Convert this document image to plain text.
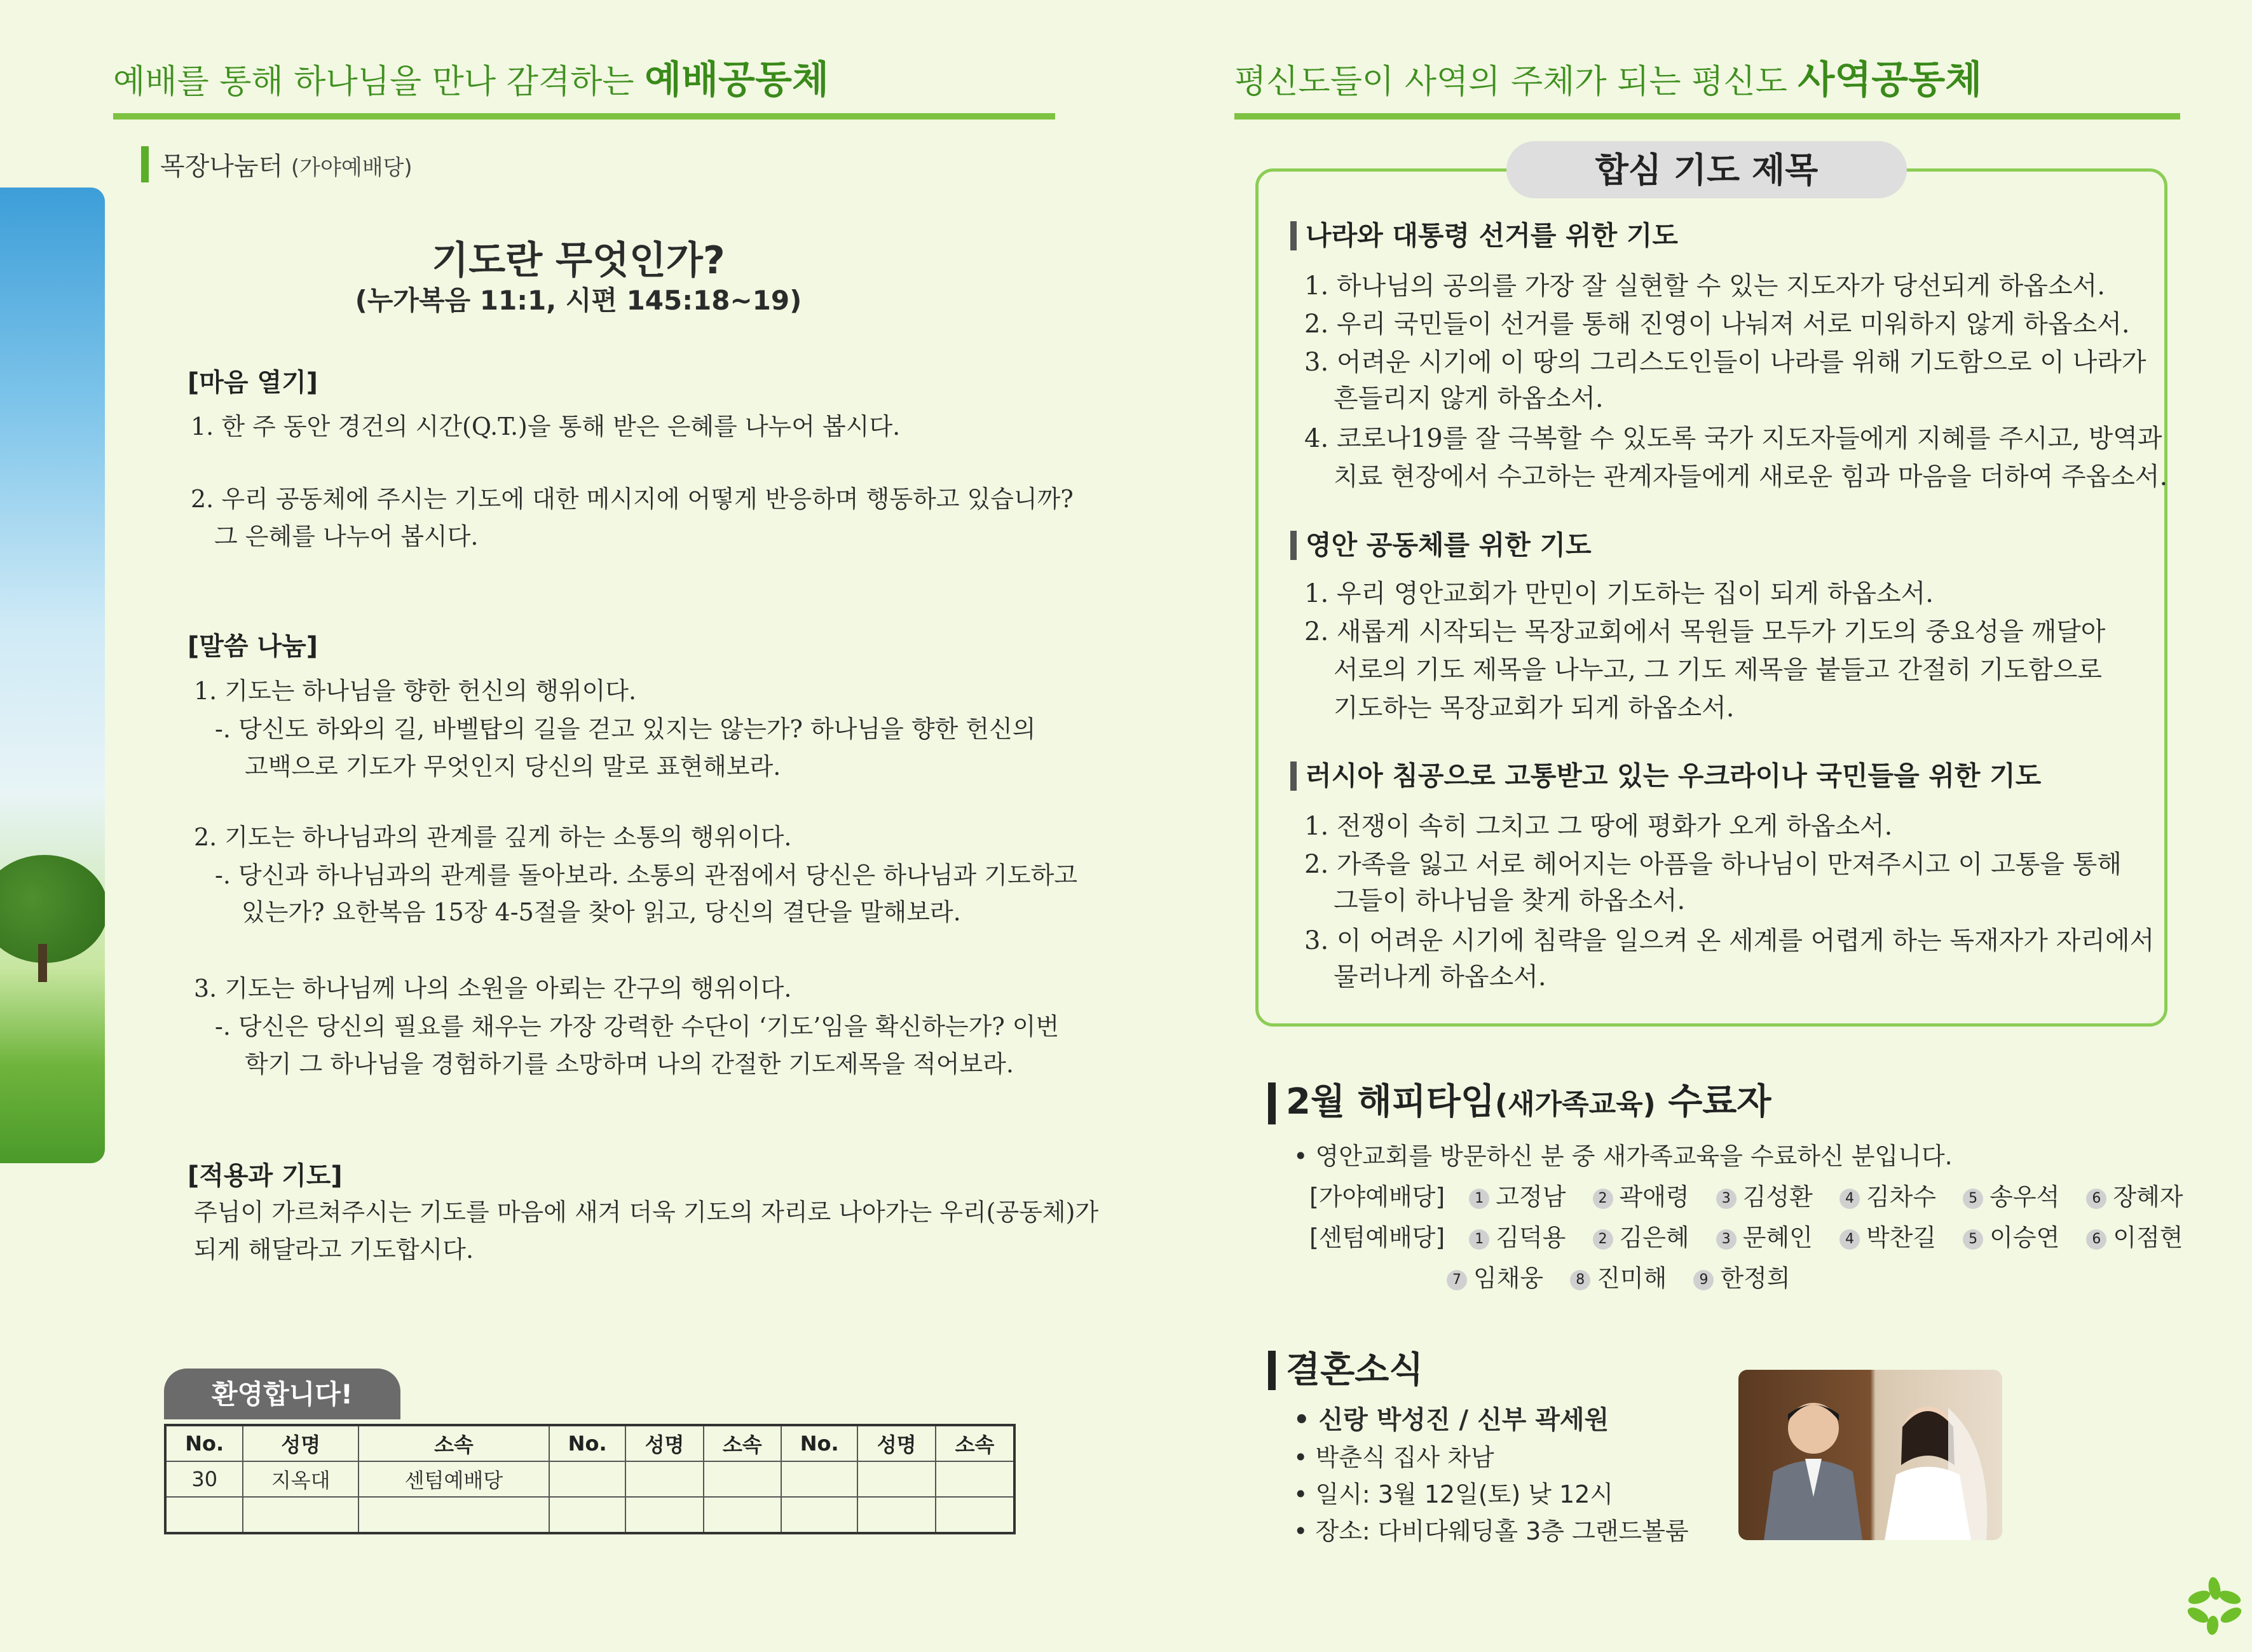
예배를 통해 하나님을 만나 감격하는 예배공동체	평신도들이 사역의 주체가 되는 평신도 사역공동체
목장나눔터 (가야예배당)
기도란 무엇인가?
(누가복음 11:1, 시편 145:18~19)
[마음 열기]
1. 한 주 동안 경건의 시간(Q.T.)을 통해 받은 은혜를 나누어 봅시다.
2. 우리 공동체에 주시는 기도에 대한 메시지에 어떻게 반응하며 행동하고 있습니까?
그 은혜를 나누어 봅시다.
[말씀 나눔]
1. 기도는 하나님을 향한 헌신의 행위이다.
-. 당신도 하와의 길, 바벨탑의 길을 걷고 있지는 않는가? 하나님을 향한 헌신의
고백으로 기도가 무엇인지 당신의 말로 표현해보라.
2. 기도는 하나님과의 관계를 깊게 하는 소통의 행위이다.
-. 당신과 하나님과의 관계를 돌아보라. 소통의 관점에서 당신은 하나님과 기도하고
있는가? 요한복음 15장 4-5절을 찾아 읽고, 당신의 결단을 말해보라.
3. 기도는 하나님께 나의 소원을 아뢰는 간구의 행위이다.
-. 당신은 당신의 필요를 채우는 가장 강력한 수단이 ‘기도’임을 확신하는가? 이번
학기 그 하나님을 경험하기를 소망하며 나의 간절한 기도제목을 적어보라.
[적용과 기도]
주님이 가르쳐주시는 기도를 마음에 새겨 더욱 기도의 자리로 나아가는 우리(공동체)가
되게 해달라고 기도합시다.
환영합니다!
No.	성명	소속	No.	성명	소속	No.	성명	소속
30	지옥대	센텀예배당						

합심 기도 제목
나라와 대통령 선거를 위한 기도
1. 하나님의 공의를 가장 잘 실현할 수 있는 지도자가 당선되게 하옵소서.
2. 우리 국민들이 선거를 통해 진영이 나눠져 서로 미워하지 않게 하옵소서.
3. 어려운 시기에 이 땅의 그리스도인들이 나라를 위해 기도함으로 이 나라가
흔들리지 않게 하옵소서.
4. 코로나19를 잘 극복할 수 있도록 국가 지도자들에게 지혜를 주시고, 방역과
치료 현장에서 수고하는 관계자들에게 새로운 힘과 마음을 더하여 주옵소서.
영안 공동체를 위한 기도
1. 우리 영안교회가 만민이 기도하는 집이 되게 하옵소서.
2. 새롭게 시작되는 목장교회에서 목원들 모두가 기도의 중요성을 깨달아
서로의 기도 제목을 나누고, 그 기도 제목을 붙들고 간절히 기도함으로
기도하는 목장교회가 되게 하옵소서.
러시아 침공으로 고통받고 있는 우크라이나 국민들을 위한 기도
1. 전쟁이 속히 그치고 그 땅에 평화가 오게 하옵소서.
2. 가족을 잃고 서로 헤어지는 아픔을 하나님이 만져주시고 이 고통을 통해
그들이 하나님을 찾게 하옵소서.
3. 이 어려운 시기에 침략을 일으켜 온 세계를 어렵게 하는 독재자가 자리에서
물러나게 하옵소서.
2월 해피타임(새가족교육) 수료자
• 영안교회를 방문하신 분 중 새가족교육을 수료하신 분입니다.
[가야예배당] 1 고정남 2 곽애령 3 김성환 4 김차수 5 송우석 6 장혜자
[센텀예배당] 1 김덕용 2 김은혜 3 문혜인 4 박찬길 5 이승연 6 이점현
7 임채웅 8 진미해 9 한정희
결혼소식
• 신랑 박성진 / 신부 곽세원
• 박춘식 집사 차남
• 일시: 3월 12일(토) 낮 12시
• 장소: 다비다웨딩홀 3층 그랜드볼룸
